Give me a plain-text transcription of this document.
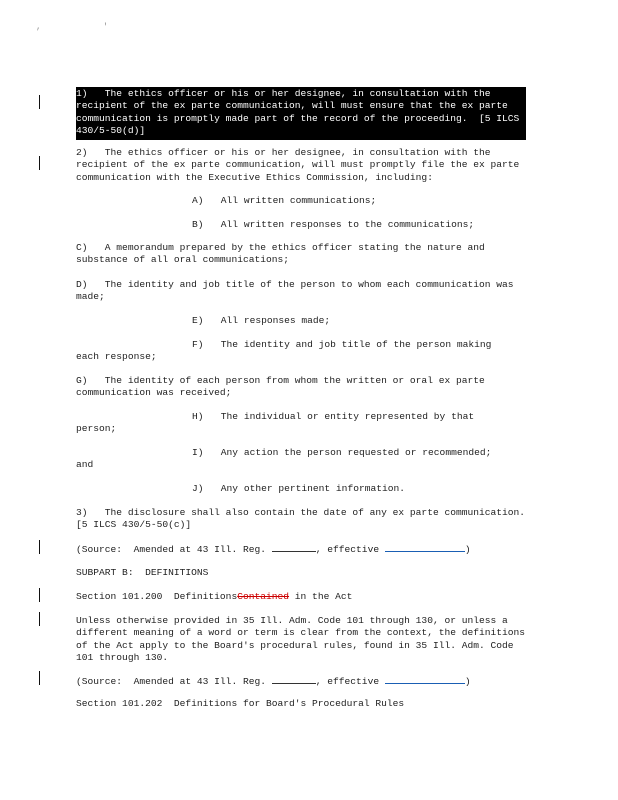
, '

1)   The ethics officer or his or her designee, in consultation with the recipient of the ex parte communication, will must ensure that the ex parte communication is promptly made part of the record of the proceeding.  [5 ILCS 430/5-50(d)]

2)   The ethics officer or his or her designee, in consultation with the recipient of the ex parte communication, will must promptly file the ex parte communication with the Executive Ethics Commission, including:

A)   All written communications;

B)   All written responses to the communications;

C)   A memorandum prepared by the ethics officer stating the nature and substance of all oral communications;

D)   The identity and job title of the person to whom each communication was made;

E)   All responses made;

F)   The identity and job title of the person making

each response;

G)   The identity of each person from whom the written or oral ex parte communication was received;

H)   The individual or entity represented by that

person;

I)   Any action the person requested or recommended;

and

J)   Any other pertinent information.

3)   The disclosure shall also contain the date of any ex parte communication. [5 ILCS 430/5-50(c)]

(Source:  Amended at 43 Ill. Reg.	, effective	)

SUBPART B:  DEFINITIONS

Section 101.200  DefinitionsContained in the Act

Unless otherwise provided in 35 Ill. Adm. Code 101 through 130, or unless a different meaning of a word or term is clear from the context, the definitions of the Act apply to the Board's procedural rules, found in 35 Ill. Adm. Code 101 through 130.

(Source:  Amended at 43 Ill. Reg.	, effective	)

Section 101.202  Definitions for Board's Procedural Rules
